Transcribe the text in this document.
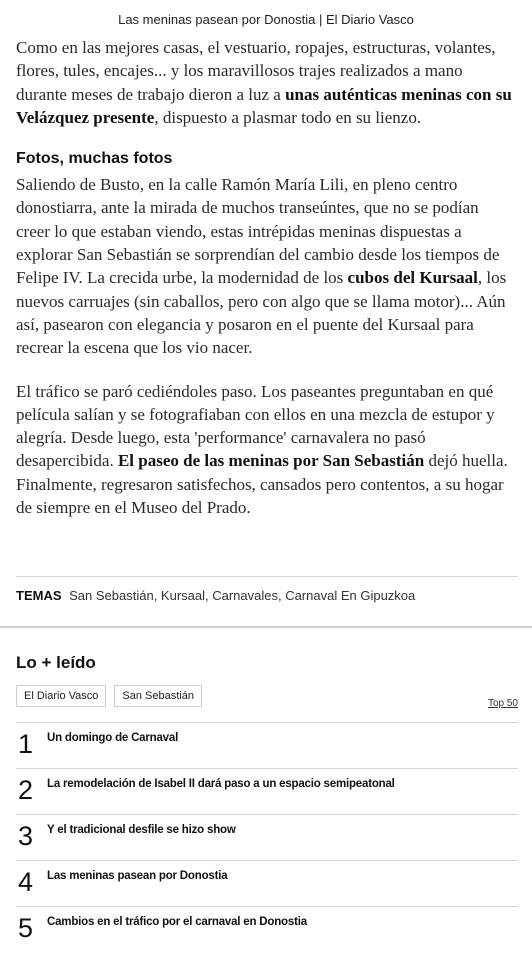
Las meninas pasean por Donostia | El Diario Vasco

Como en las mejores casas, el vestuario, ropajes, estructuras, volantes, flores, tules, encajes... y los maravillosos trajes realizados a mano durante meses de trabajo dieron a luz a unas auténticas meninas con su Velázquez presente, dispuesto a plasmar todo en su lienzo.

Fotos, muchas fotos

Saliendo de Busto, en la calle Ramón María Lili, en pleno centro donostiarra, ante la mirada de muchos transeúntes, que no se podían creer lo que estaban viendo, estas intrépidas meninas dispuestas a explorar San Sebastián se sorprendían del cambio desde los tiempos de Felipe IV. La crecida urbe, la modernidad de los cubos del Kursaal, los nuevos carruajes (sin caballos, pero con algo que se llama motor)... Aún así, pasearon con elegancia y posaron en el puente del Kursaal para recrear la escena que los vio nacer.

El tráfico se paró cediéndoles paso. Los paseantes preguntaban en qué película salían y se fotografiaban con ellos en una mezcla de estupor y alegría. Desde luego, esta 'performance' carnavalera no pasó desapercibida. El paseo de las meninas por San Sebastián dejó huella. Finalmente, regresaron satisfechos, cansados pero contentos, a su hogar de siempre en el Museo del Prado.

TEMAS San Sebastián, Kursaal, Carnavales, Carnaval En Gipuzkoa
Lo + leído
El Diario Vasco	San Sebastián
Top 50
1 Un domingo de Carnaval
2 La remodelación de Isabel II dará paso a un espacio semipeatonal
3 Y el tradicional desfile se hizo show
4 Las meninas pasean por Donostia
5 Cambios en el tráfico por el carnaval en Donostia
